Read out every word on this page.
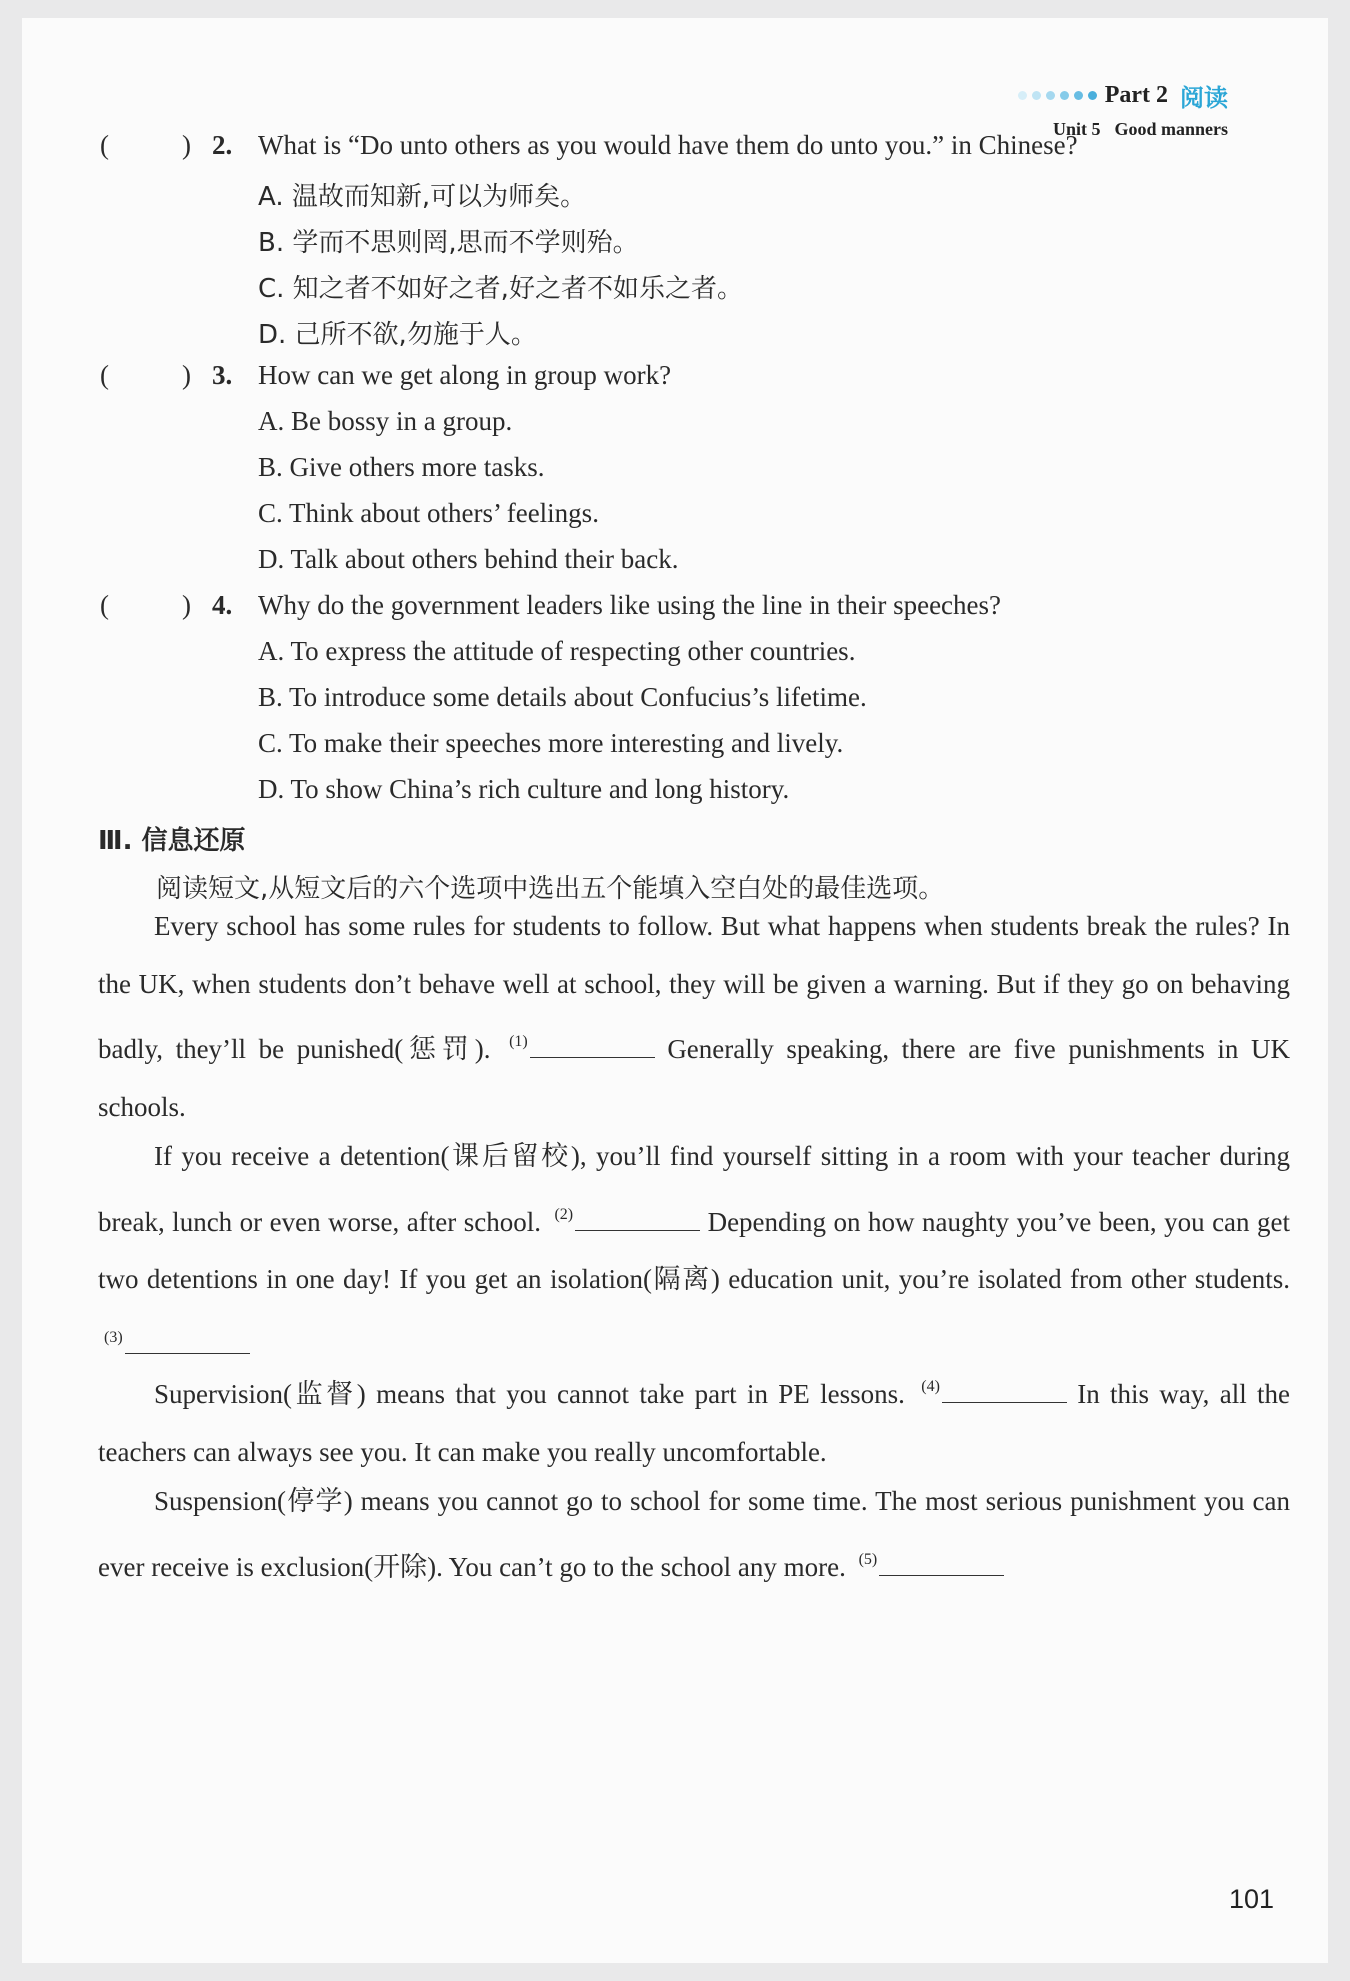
Part 2 阅读
Unit 5 Good manners
(	) 2. What is “Do unto others as you would have them do unto you.” in Chinese?
A. 温故而知新,可以为师矣。
B. 学而不思则罔,思而不学则殆。
C. 知之者不如好之者,好之者不如乐之者。
D. 己所不欲,勿施于人。
(	) 3. How can we get along in group work?
A. Be bossy in a group.
B. Give others more tasks.
C. Think about others’ feelings.
D. Talk about others behind their back.
(	) 4. Why do the government leaders like using the line in their speeches?
A. To express the attitude of respecting other countries.
B. To introduce some details about Confucius’s lifetime.
C. To make their speeches more interesting and lively.
D. To show China’s rich culture and long history.
Ⅲ. 信息还原
阅读短文,从短文后的六个选项中选出五个能填入空白处的最佳选项。
Every school has some rules for students to follow. But what happens when students break the rules? In the UK, when students don’t behave well at school, they will be given a warning. But if they go on behaving badly, they’ll be punished(惩罚). $^{(1)}$	Generally speaking, there are five punishments in UK schools.
If you receive a detention(课后留校), you’ll find yourself sitting in a room with your teacher during break, lunch or even worse, after school. $^{(2)}$	Depending on how naughty you’ve been, you can get two detentions in one day! If you get an isolation(隔离) education unit, you’re isolated from other students. $^{(3)}$
Supervision(监督) means that you cannot take part in PE lessons. $^{(4)}$	In this way, all the teachers can always see you. It can make you really uncomfortable.
Suspension(停学) means you cannot go to school for some time. The most serious punishment you can ever receive is exclusion(开除). You can’t go to the school any more. $^{(5)}$
101
